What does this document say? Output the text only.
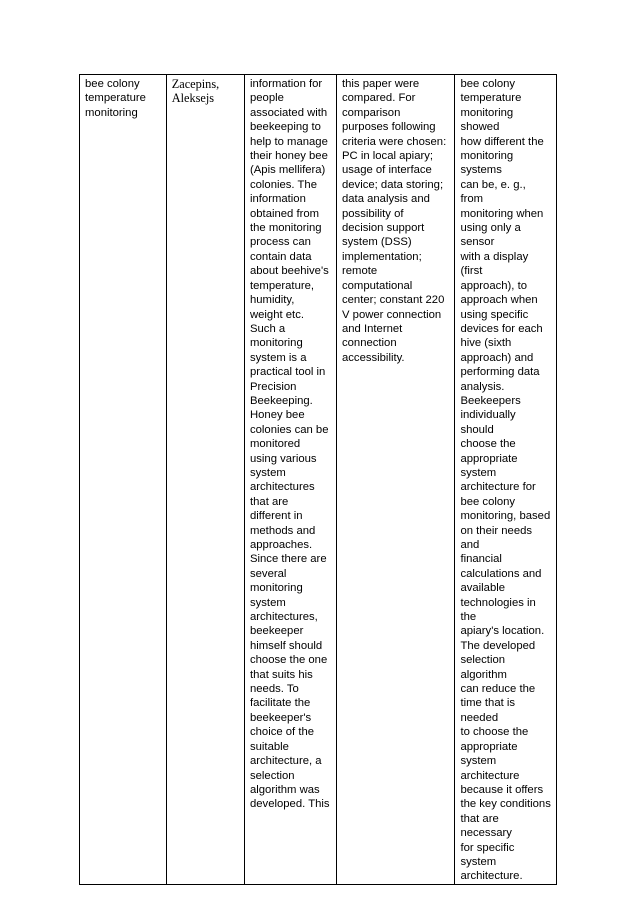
bee colony
temperature
monitoring	Zacepins,
Aleksejs	information for
people
associated with
beekeeping to
help to manage
their honey bee
(Apis mellifera)
colonies. The
information
obtained from
the monitoring
process can
contain data
about beehive's
temperature,
humidity,
weight etc.
Such a
monitoring
system is a
practical tool in
Precision
Beekeeping.
Honey bee
colonies can be
monitored
using various
system
architectures
that are
different in
methods and
approaches.
Since there are
several
monitoring
system
architectures,
beekeeper
himself should
choose the one
that suits his
needs. To
facilitate the
beekeeper's
choice of the
suitable
architecture, a
selection
algorithm was
developed. This	this paper were
compared. For
comparison
purposes following
criteria were chosen:
PC in local apiary;
usage of interface
device; data storing;
data analysis and
possibility of
decision support
system (DSS)
implementation;
remote
computational
center; constant 220
V power connection
and Internet
connection
accessibility.	bee colony
temperature
monitoring showed
how different the
monitoring systems
can be, e. g., from
monitoring when
using only a sensor
with a display (first
approach), to
approach when
using specific
devices for each
hive (sixth
approach) and
performing data
analysis.
Beekeepers
individually should
choose the
appropriate system
architecture for
bee colony
monitoring, based
on their needs and
financial
calculations and
available
technologies in the
apiary's location.
The developed
selection algorithm
can reduce the
time that is needed
to choose the
appropriate system
architecture
because it offers
the key conditions
that are necessary
for specific system
architecture.
